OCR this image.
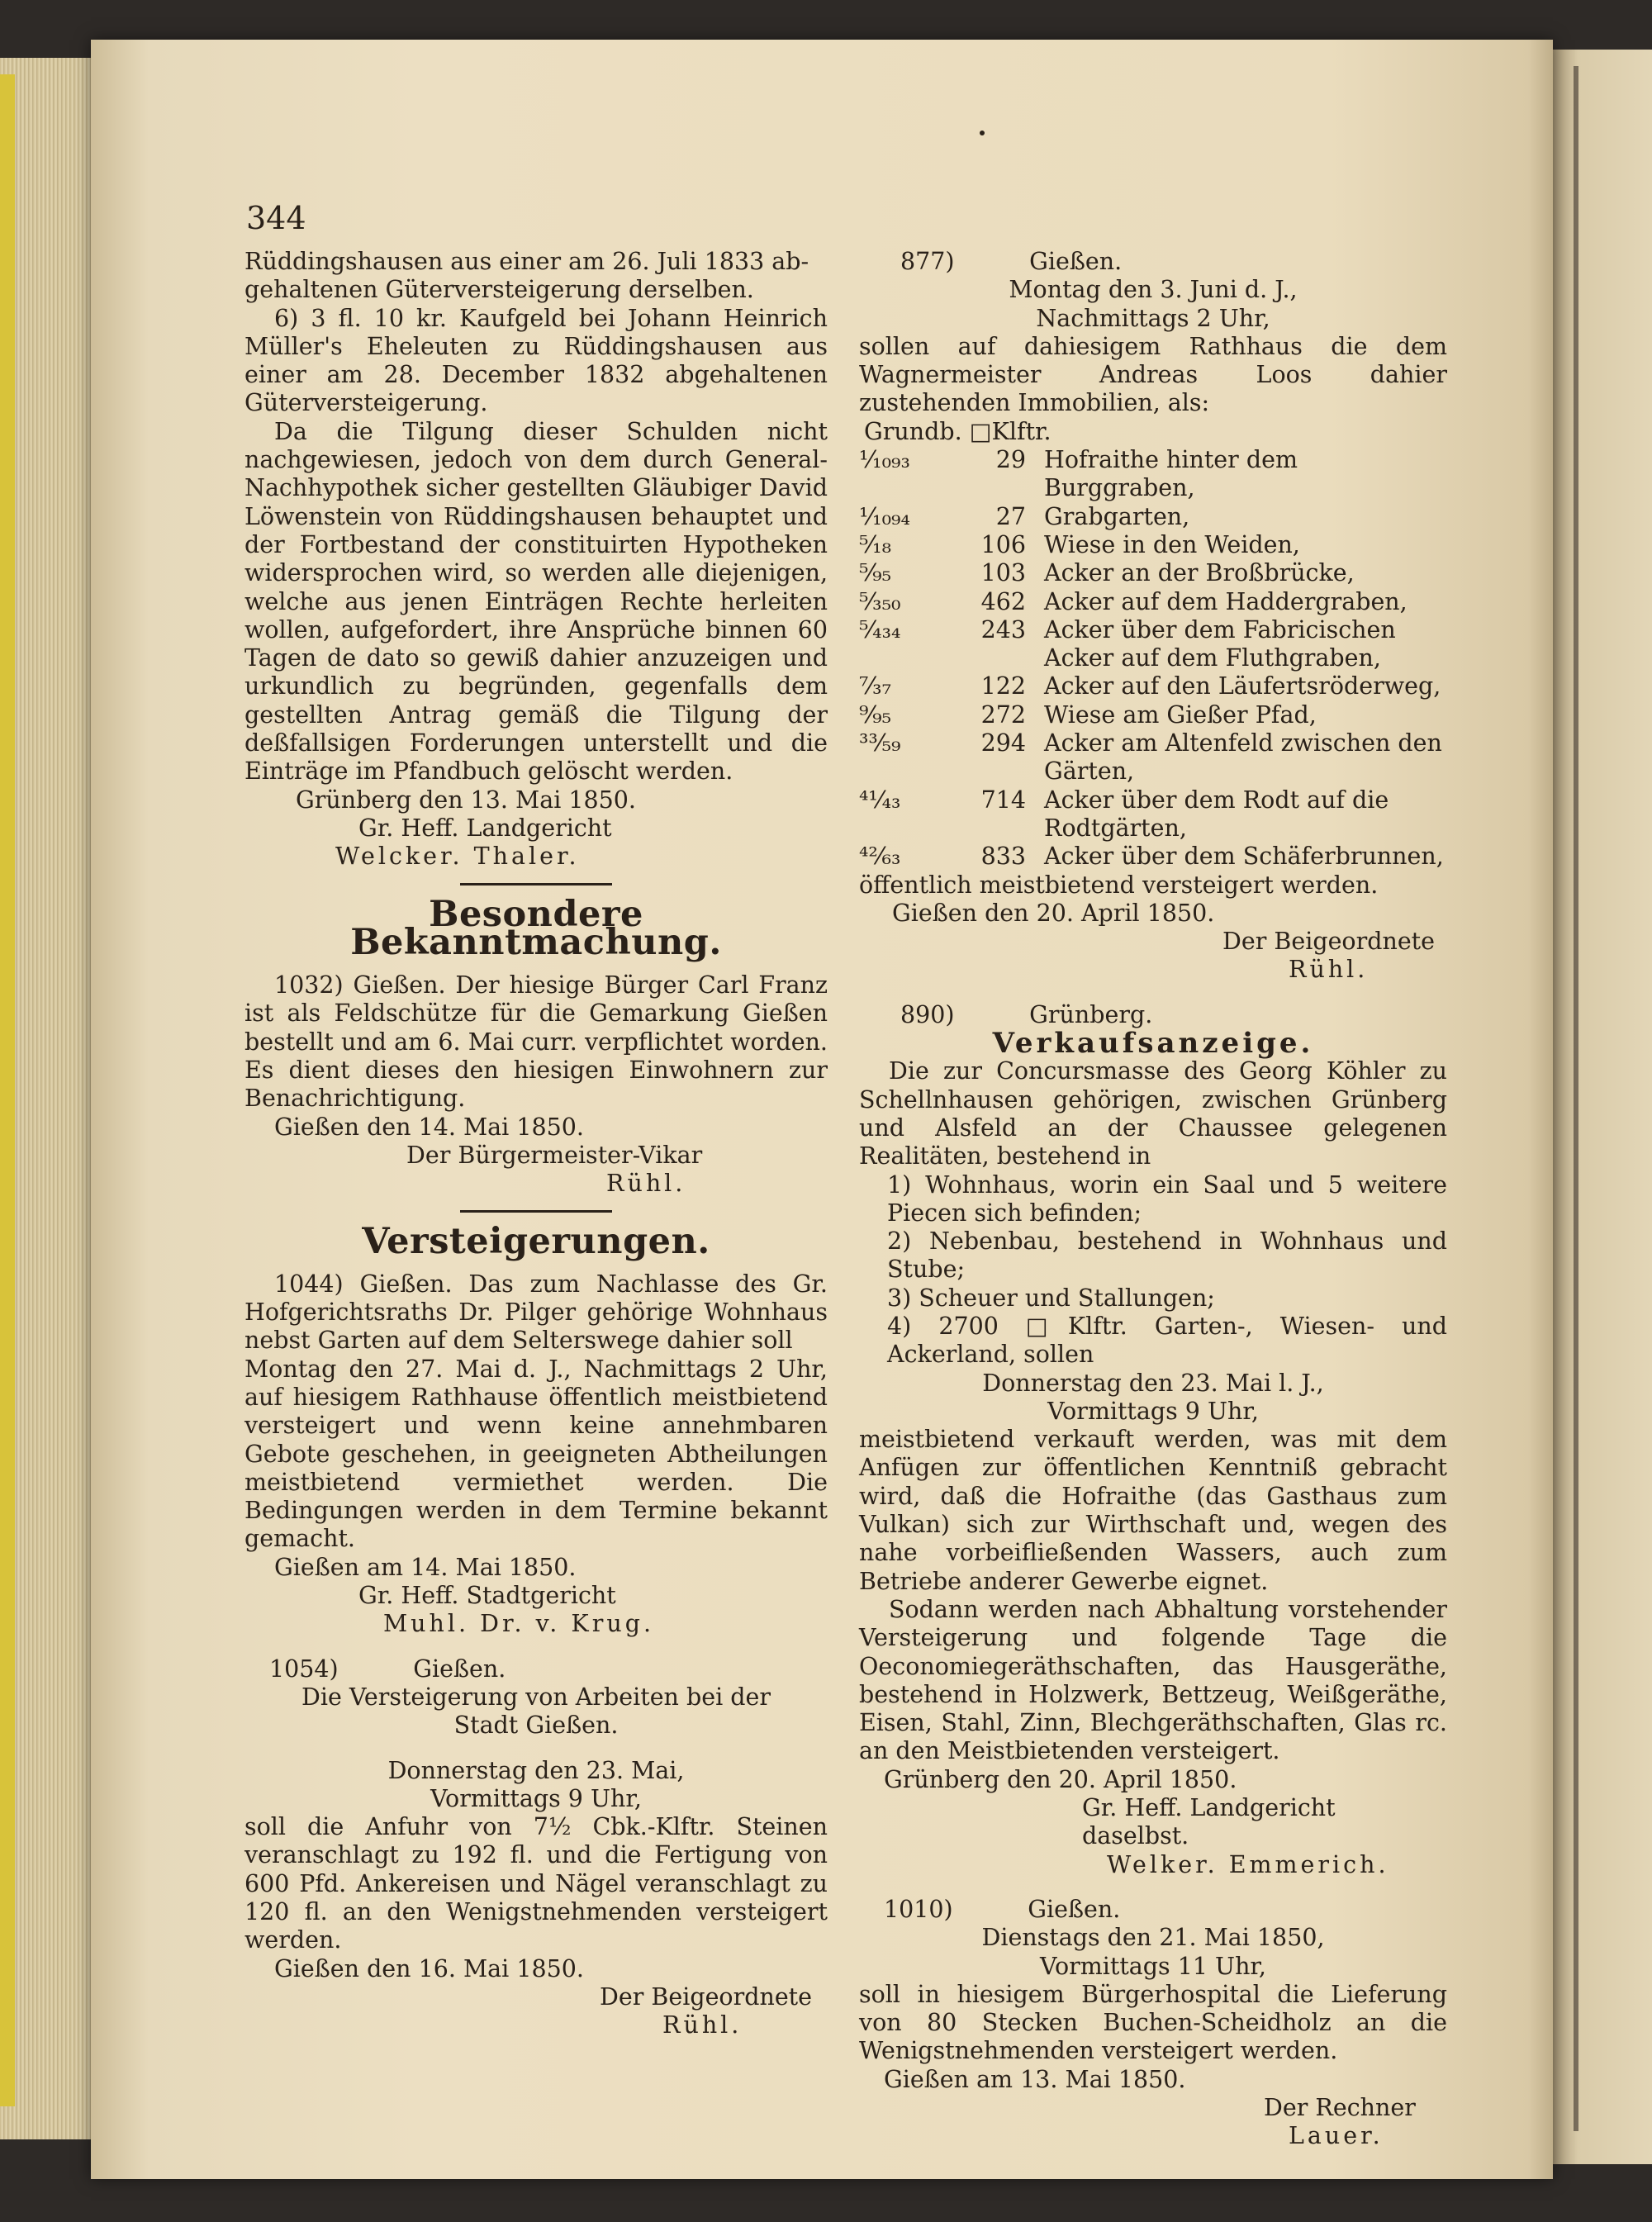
344

Rüddingshausen aus einer am 26. Juli 1833 ab-

gehaltenen Güterversteigerung derselben.

6) 3 fl. 10 kr. Kaufgeld bei Johann Heinrich Müller's Eheleuten zu Rüddingshausen aus einer am 28. December 1832 abgehaltenen Güterversteigerung.

Da die Tilgung dieser Schulden nicht nachgewiesen, jedoch von dem durch General-Nachhypothek sicher gestellten Gläubiger David Löwenstein von Rüddingshausen behauptet und der Fortbestand der constituirten Hypotheken widersprochen wird, so werden alle diejenigen, welche aus jenen Einträgen Rechte herleiten wollen, aufgefordert, ihre Ansprüche binnen 60 Tagen de dato so gewiß dahier anzuzeigen und urkundlich zu begründen, gegenfalls dem gestellten Antrag gemäß die Tilgung der deßfallsigen Forderungen unterstellt und die Einträge im Pfandbuch gelöscht werden.

Grünberg den 13. Mai 1850.

Gr. Heff. Landgericht

Welcker. Thaler.

Besondere Bekanntmachung.

1032) Gießen. Der hiesige Bürger Carl Franz ist als Feldschütze für die Gemarkung Gießen bestellt und am 6. Mai curr. verpflichtet worden. Es dient dieses den hiesigen Einwohnern zur Benachrichtigung.

Gießen den 14. Mai 1850.

Der Bürgermeister-Vikar

Rühl.

Versteigerungen.

1044) Gießen. Das zum Nachlasse des Gr. Hofgerichtsraths Dr. Pilger gehörige Wohnhaus nebst Garten auf dem Selterswege dahier soll

Montag den 27. Mai d. J., Nachmittags 2 Uhr, auf hiesigem Rathhause öffentlich meistbietend versteigert und wenn keine annehmbaren Gebote geschehen, in geeigneten Abtheilungen meistbietend vermiethet werden. Die Bedingungen werden in dem Termine bekannt gemacht.

Gießen am 14. Mai 1850.

Gr. Heff. Stadtgericht

Muhl. Dr. v. Krug.

1054)          Gießen.

Die Versteigerung von Arbeiten bei der

Stadt Gießen.

Donnerstag den 23. Mai,

Vormittags 9 Uhr,

soll die Anfuhr von 7½ Cbk.-Klftr. Steinen veranschlagt zu 192 fl. und die Fertigung von 600 Pfd. Ankereisen und Nägel veranschlagt zu 120 fl. an den Wenigstnehmenden versteigert werden.

Gießen den 16. Mai 1850.

Der Beigeordnete

Rühl.

877)          Gießen.

Montag den 3. Juni d. J.,

Nachmittags 2 Uhr,

sollen auf dahiesigem Rathhaus die dem Wagnermeister Andreas Loos dahier zustehenden Immobilien, als:

Grundb. □Klftr.

¹⁄₁₀₉₃	29 Hofraithe hinter dem Burggraben,
¹⁄₁₀₉₄	27 Grabgarten,
⁵⁄₁₈	106 Wiese in den Weiden,
⁵⁄₉₅	103 Acker an der Broßbrücke,
⁵⁄₃₅₀	462 Acker auf dem Haddergraben,
⁵⁄₄₃₄	243 Acker über dem Fabricischen Acker auf dem Fluthgraben,
⁷⁄₃₇	122 Acker auf den Läufertsröderweg,
⁹⁄₉₅	272 Wiese am Gießer Pfad,
³³⁄₅₉	294 Acker am Altenfeld zwischen den Gärten,
⁴¹⁄₄₃	714 Acker über dem Rodt auf die Rodtgärten,
⁴²⁄₆₃	833 Acker über dem Schäferbrunnen,

öffentlich meistbietend versteigert werden.

Gießen den 20. April 1850.

Der Beigeordnete

Rühl.

890)          Grünberg.

Verkaufsanzeige.

Die zur Concursmasse des Georg Köhler zu Schellnhausen gehörigen, zwischen Grünberg und Alsfeld an der Chaussee gelegenen Realitäten, bestehend in

1) Wohnhaus, worin ein Saal und 5 weitere Piecen sich befinden;

2) Nebenbau, bestehend in Wohnhaus und Stube;

3) Scheuer und Stallungen;

4) 2700 □Klftr. Garten-, Wiesen- und Ackerland, sollen

Donnerstag den 23. Mai l. J.,

Vormittags 9 Uhr,

meistbietend verkauft werden, was mit dem Anfügen zur öffentlichen Kenntniß gebracht wird, daß die Hofraithe (das Gasthaus zum Vulkan) sich zur Wirthschaft und, wegen des nahe vorbeifließenden Wassers, auch zum Betriebe anderer Gewerbe eignet.

Sodann werden nach Abhaltung vorstehender Versteigerung und folgende Tage die Oeconomiegeräthschaften, das Hausgeräthe, bestehend in Holzwerk, Bettzeug, Weißgeräthe, Eisen, Stahl, Zinn, Blechgeräthschaften, Glas rc. an den Meistbietenden versteigert.

Grünberg den 20. April 1850.

Gr. Heff. Landgericht daselbst.

Welker. Emmerich.

1010)          Gießen.

Dienstags den 21. Mai 1850,

Vormittags 11 Uhr,

soll in hiesigem Bürgerhospital die Lieferung von 80 Stecken Buchen-Scheidholz an die Wenigstnehmenden versteigert werden.

Gießen am 13. Mai 1850.

Der Rechner

Lauer.
